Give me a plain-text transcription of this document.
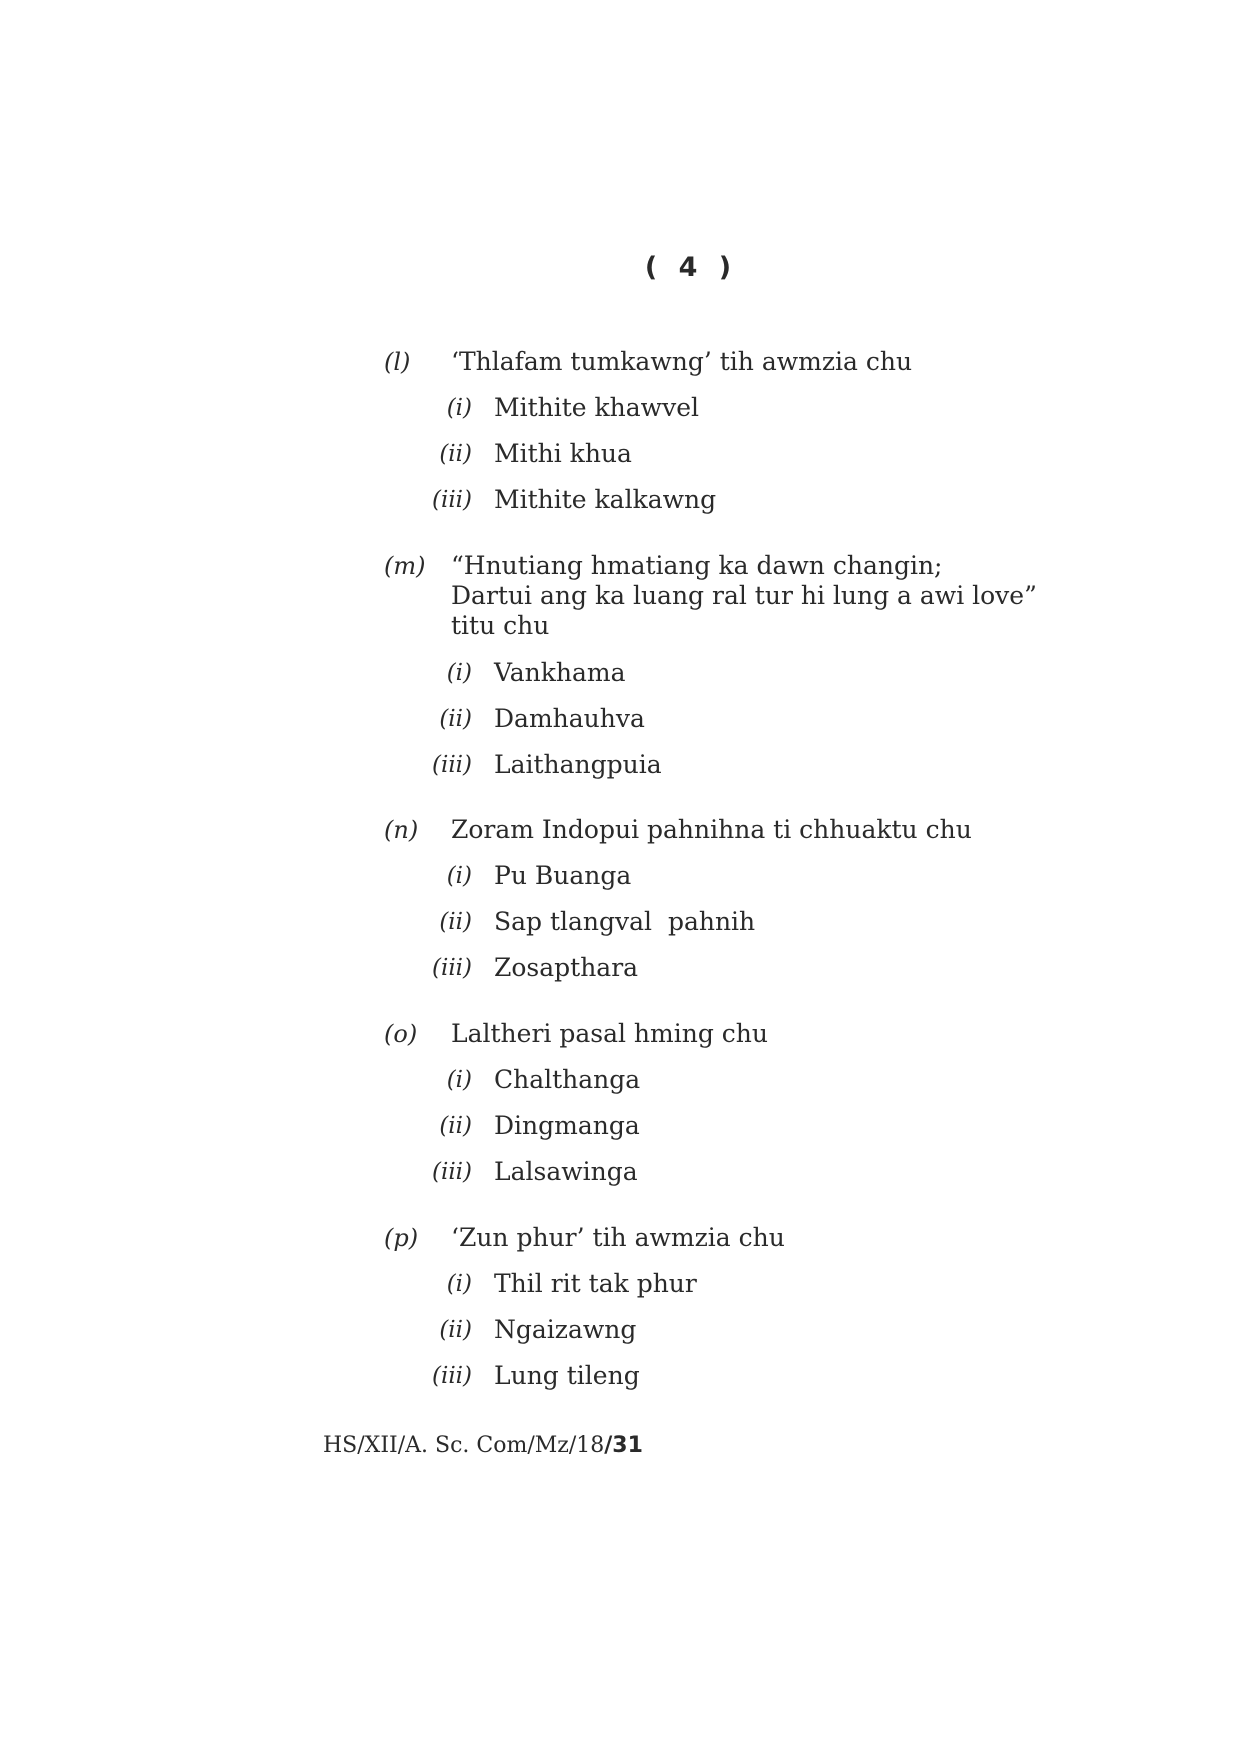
( 4 )
(l) ‘Thlafam tumkawng’ tih awmzia chu
(i) Mithite khawvel
(ii) Mithi khua
(iii) Mithite kalkawng
(m) “Hnutiang hmatiang ka dawn changin;
Dartui ang ka luang ral tur hi lung a awi love”
titu chu
(i) Vankhama
(ii) Damhauhva
(iii) Laithangpuia
(n) Zoram Indopui pahnihna ti chhuaktu chu
(i) Pu Buanga
(ii) Sap tlangval  pahnih
(iii) Zosapthara
(o) Laltheri pasal hming chu
(i) Chalthanga
(ii) Dingmanga
(iii) Lalsawinga
(p) ‘Zun phur’ tih awmzia chu
(i) Thil rit tak phur
(ii) Ngaizawng
(iii) Lung tileng
HS/XII/A. Sc. Com/Mz/18/31
